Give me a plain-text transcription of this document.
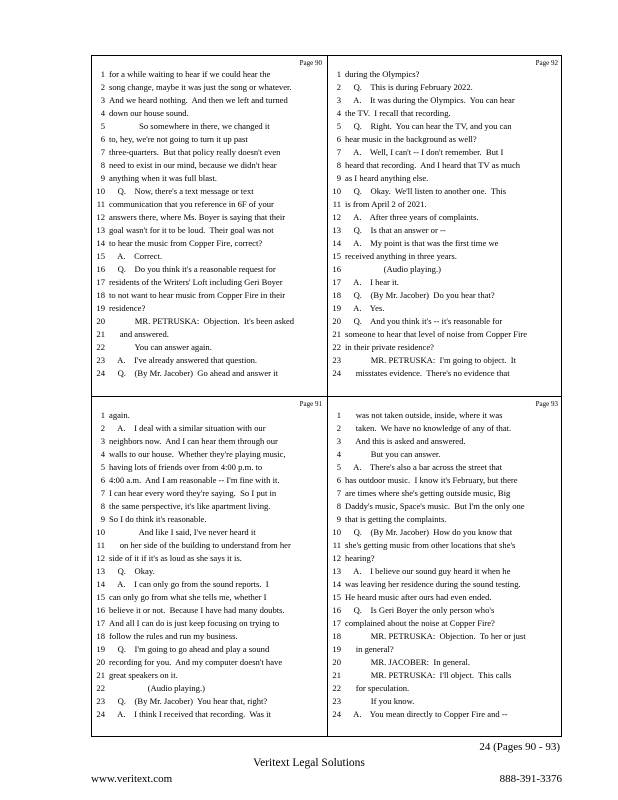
Page 90
1 for a while waiting to hear if we could hear the
2 song change, maybe it was just the song or whatever.
3 And we heard nothing.  And then we left and turned
4 down our house sound.
5 So somewhere in there, we changed it
6 to, hey, we're not going to turn it up past
7 three-quarters.  But that policy really doesn't even
8 need to exist in our mind, because we didn't hear
9 anything when it was full blast.
10 Q.    Now, there's a text message or text
11 communication that you reference in 6F of your
12 answers there, where Ms. Boyer is saying that their
13 goal wasn't for it to be loud.  Their goal was not
14 to hear the music from Copper Fire, correct?
15 A.    Correct.
16 Q.    Do you think it's a reasonable request for
17 residents of the Writers' Loft including Geri Boyer
18 to not want to hear music from Copper Fire in their
19 residence?
20 MR. PETRUSKA:  Objection.  It's been asked
21 and answered.
22 You can answer again.
23 A.    I've already answered that question.
24 Q.    (By Mr. Jacober)  Go ahead and answer it
Page 92
1 during the Olympics?
2 Q.    This is during February 2022.
3 A.    It was during the Olympics.  You can hear
4 the TV.  I recall that recording.
5 Q.    Right.  You can hear the TV, and you can
6 hear music in the background as well?
7 A.    Well, I can't -- I don't remember.  But I
8 heard that recording.  And I heard that TV as much
9 as I heard anything else.
10 Q.    Okay.  We'll listen to another one.  This
11 is from April 2 of 2021.
12 A.    After three years of complaints.
13 Q.    Is that an answer or --
14 A.    My point is that was the first time we
15 received anything in three years.
16 (Audio playing.)
17 A.    I hear it.
18 Q.    (By Mr. Jacober)  Do you hear that?
19 A.    Yes.
20 Q.    And you think it's -- it's reasonable for
21 someone to hear that level of noise from Copper Fire
22 in their private residence?
23 MR. PETRUSKA:  I'm going to object.  It
24 misstates evidence.  There's no evidence that
Page 91
1 again.
2 A.    I deal with a similar situation with our
3 neighbors now.  And I can hear them through our
4 walls to our house.  Whether they're playing music,
5 having lots of friends over from 4:00 p.m. to
6 4:00 a.m.  And I am reasonable -- I'm fine with it.
7 I can hear every word they're saying.  So I put in
8 the same perspective, it's like apartment living.
9 So I do think it's reasonable.
10 And like I said, I've never heard it
11 on her side of the building to understand from her
12 side of it if it's as loud as she says it is.
13 Q.    Okay.
14 A.    I can only go from the sound reports.  I
15 can only go from what she tells me, whether I
16 believe it or not.  Because I have had many doubts.
17 And all I can do is just keep focusing on trying to
18 follow the rules and run my business.
19 Q.    I'm going to go ahead and play a sound
20 recording for you.  And my computer doesn't have
21 great speakers on it.
22 (Audio playing.)
23 Q.    (By Mr. Jacober)  You hear that, right?
24 A.    I think I received that recording.  Was it
Page 93
1 was not taken outside, inside, where it was
2 taken.  We have no knowledge of any of that.
3 And this is asked and answered.
4 But you can answer.
5 A.    There's also a bar across the street that
6 has outdoor music.  I know it's February, but there
7 are times where she's getting outside music, Big
8 Daddy's music, Space's music.  But I'm the only one
9 that is getting the complaints.
10 Q.    (By Mr. Jacober)  How do you know that
11 she's getting music from other locations that she's
12 hearing?
13 A.    I believe our sound guy heard it when he
14 was leaving her residence during the sound testing.
15 He heard music after ours had even ended.
16 Q.    Is Geri Boyer the only person who's
17 complained about the noise at Copper Fire?
18 MR. PETRUSKA:  Objection.  To her or just
19 in general?
20 MR. JACOBER:  In general.
21 MR. PETRUSKA:  I'll object.  This calls
22 for speculation.
23 If you know.
24 A.    You mean directly to Copper Fire and --
24 (Pages 90 - 93)
Veritext Legal Solutions
www.veritext.com	888-391-3376
